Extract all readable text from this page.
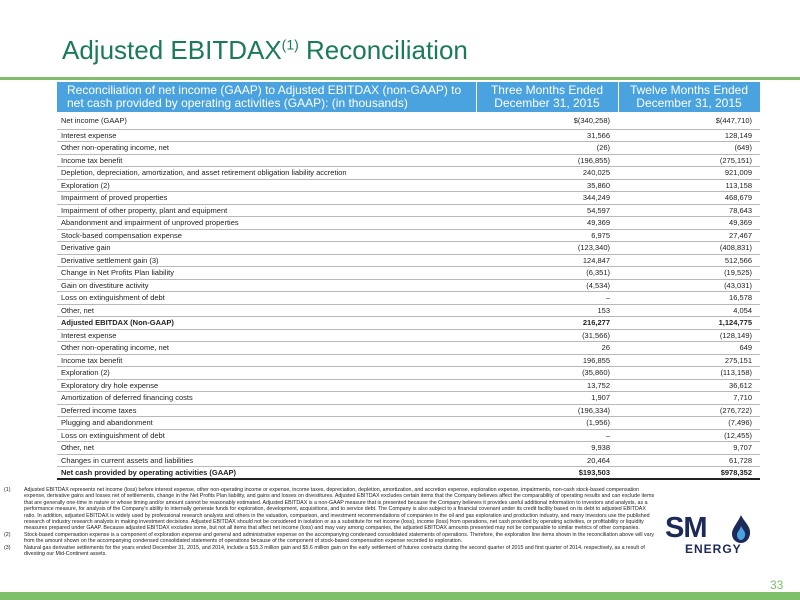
Adjusted EBITDAX$^{(1)}$ Reconciliation
Reconciliation of net income (GAAP) to Adjusted EBITDAX (non-GAAP) to net cash provided by operating activities (GAAP): (in thousands)	Three Months Ended December 31, 2015	Twelve Months Ended December 31, 2015
Net income (GAAP)	$(340,258)	$(447,710)
Interest expense	31,566	128,149
Other non-operating income, net	(26)	(649)
Income tax benefit	(196,855)	(275,151)
Depletion, depreciation, amortization, and asset retirement obligation liability accretion	240,025	921,009
Exploration (2)	35,860	113,158
Impairment of proved properties	344,249	468,679
Impairment of other property, plant and equipment	54,597	78,643
Abandonment and impairment of unproved properties	49,369	49,369
Stock-based compensation expense	6,975	27,467
Derivative gain	(123,340)	(408,831)
Derivative settlement gain (3)	124,847	512,566
Change in Net Profits Plan liability	(6,351)	(19,525)
Gain on divestiture activity	(4,534)	(43,031)
Loss on extinguishment of debt	–	16,578
Other, net	153	4,054
Adjusted EBITDAX (Non-GAAP)	216,277	1,124,775
Interest expense	(31,566)	(128,149)
Other non-operating income, net	26	649
Income tax benefit	196,855	275,151
Exploration (2)	(35,860)	(113,158)
Exploratory dry hole expense	13,752	36,612
Amortization of deferred financing costs	1,907	7,710
Deferred income taxes	(196,334)	(276,722)
Plugging and abandonment	(1,956)	(7,496)
Loss on extinguishment of debt	–	(12,455)
Other, net	9,938	9,707
Changes in current assets and liabilities	20,464	61,728
Net cash provided by operating activities (GAAP)	$193,503	$978,352
(1)	Adjusted EBITDAX represents net income (loss) before interest expense, other non-operating income or expense, income taxes, depreciation, depletion, amortization, and accretion expense, exploration expense, impairments, non-cash stock-based compensation expense, derivative gains and losses net of settlements, change in the Net Profits Plan liability, and gains and losses on divestitures. Adjusted EBITDAX excludes certain items that the Company believes affect the comparability of operating results and can exclude items that are generally one-time in nature or whose timing and/or amount cannot be reasonably estimated. Adjusted EBITDAX is a non-GAAP measure that is presented because the Company believes it provides useful additional information to investors and analysts, as a performance measure, for analysis of the Company's ability to internally generate funds for exploration, development, acquisitions, and to service debt. The Company is also subject to a financial covenant under its credit facility based on its debt to adjusted EBITDAX ratio. In addition, adjusted EBITDAX is widely used by professional research analysts and others in the valuation, comparison, and investment recommendations of companies in the oil and gas exploration and production industry, and many investors use the published research of industry research analysts in making investment decisions. Adjusted EBITDAX should not be considered in isolation or as a substitute for net income (loss), income (loss) from operations, net cash provided by operating activities, or profitability or liquidity measures prepared under GAAP. Because adjusted EBITDAX excludes some, but not all items that affect net income (loss) and may vary among companies, the adjusted EBITDAX amounts presented may not be comparable to similar metrics of other companies.
(2)	Stock-based compensation expense is a component of exploration expense and general and administrative expense on the accompanying condensed consolidated statements of operations. Therefore, the exploration line items shown in the reconciliation above will vary from the amount shown on the accompanying condensed consolidated statements of operations because of the component of stock-based compensation expense recorded to exploration.
(3)	Natural gas derivative settlements for the years ended December 31, 2015, and 2014, include a $15.3 million gain and $5.6 million gain on the early settlement of futures contracts during the second quarter of 2015 and first quarter of 2014, respectively, as a result of divesting our Mid-Continent assets.
SM
ENERGY
33
